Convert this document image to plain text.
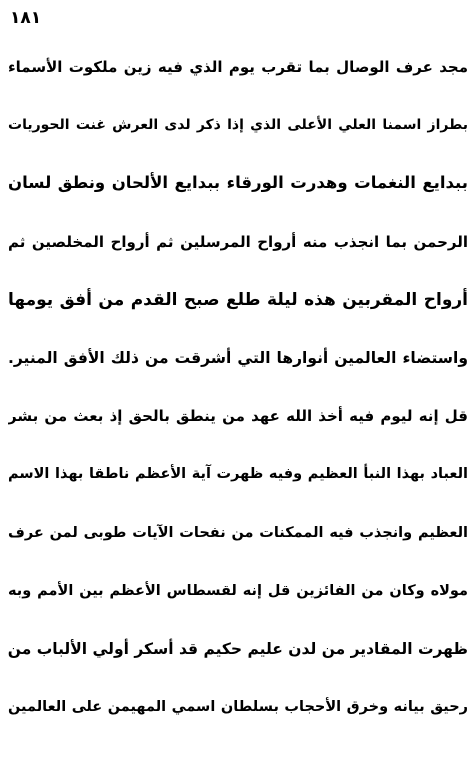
١٨١
مجد عرف الوصال بما تقرب يوم الذي فيه زين ملكوت الأسماء
بطراز اسمنا العلي الأعلى الذي إذا ذكر لدى العرش غنت الحوريات
ببدايع النغمات وهدرت الورقاء ببدايع الألحان ونطق لسان
الرحمن بما انجذب منه أرواح المرسلين ثم أرواح المخلصين ثم
أرواح المقربين هذه ليلة طلع صبح القدم من أفق يومها
واستضاء العالمين أنوارها التي أشرقت من ذلك الأفق المنير.
قل إنه ليوم فيه أخذ الله عهد من ينطق بالحق إذ بعث من بشر
العباد بهذا النبأ العظيم وفيه ظهرت آية الأعظم ناطقا بهذا الاسم
العظيم وانجذب فيه الممكنات من نفحات الآيات طوبى لمن عرف
مولاه وكان من الفائزين قل إنه لقسطاس الأعظم بين الأمم وبه
ظهرت المقادير من لدن عليم حكيم قد أسكر أولي الألباب من
رحيق بيانه وخرق الأحجاب بسلطان اسمي المهيمن على العالمين
